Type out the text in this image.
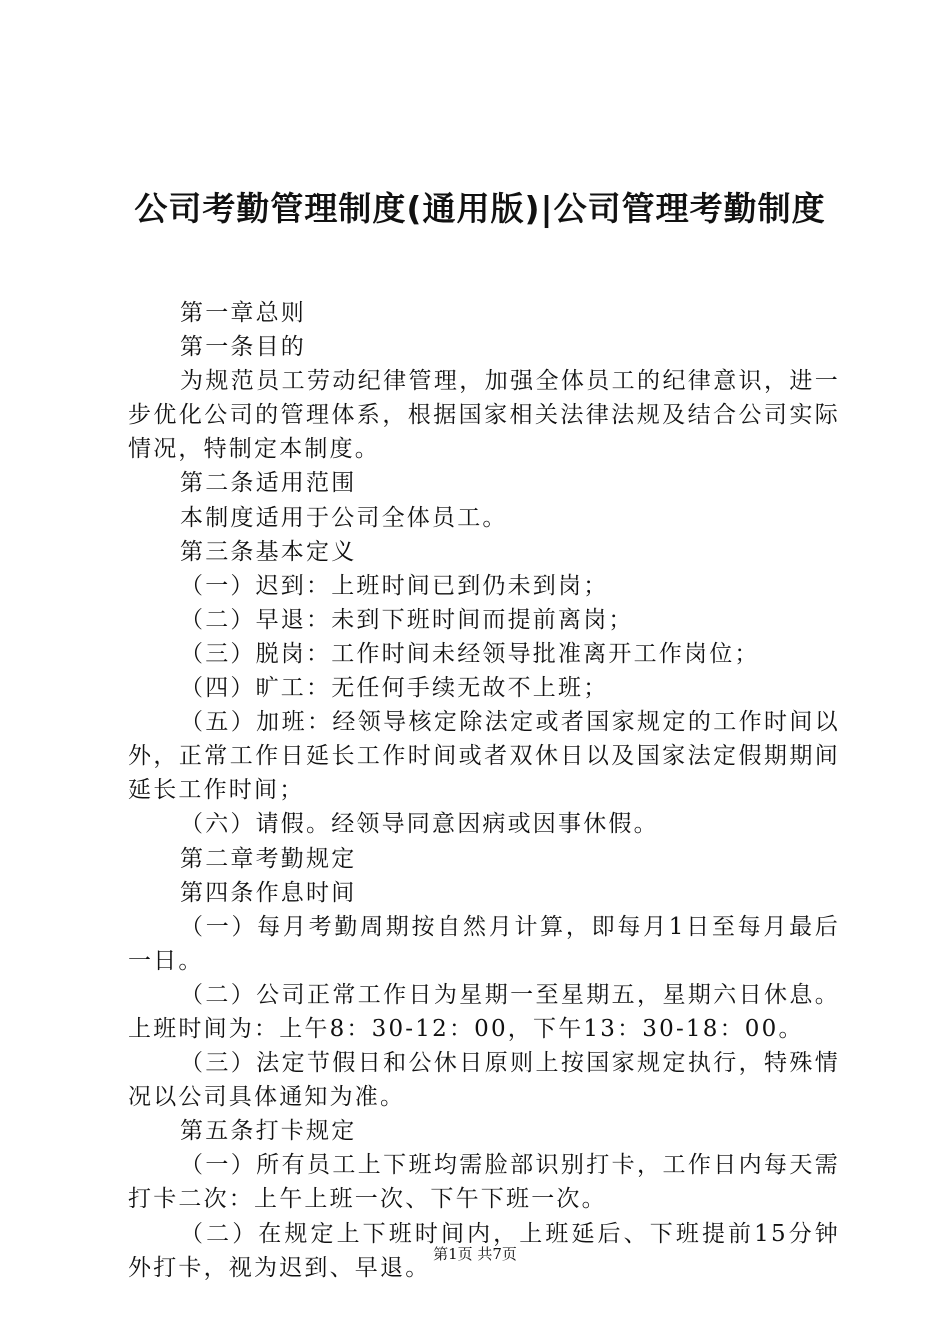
公司考勤管理制度(通用版)|公司管理考勤制度

第一章总则

第一条目的

为规范员工劳动纪律管理，加强全体员工的纪律意识，进一步优化公司的管理体系，根据国家相关法律法规及结合公司实际情况，特制定本制度。

第二条适用范围

本制度适用于公司全体员工。

第三条基本定义

（一）迟到：上班时间已到仍未到岗；

（二）早退：未到下班时间而提前离岗；

（三）脱岗：工作时间未经领导批准离开工作岗位；

（四）旷工：无任何手续无故不上班；

（五）加班：经领导核定除法定或者国家规定的工作时间以外，正常工作日延长工作时间或者双休日以及国家法定假期期间延长工作时间；

（六）请假。经领导同意因病或因事休假。

第二章考勤规定

第四条作息时间

（一）每月考勤周期按自然月计算，即每月1日至每月最后一日。

（二）公司正常工作日为星期一至星期五，星期六日休息。上班时间为：上午8：30-12：00，下午13：30-18：00。

（三）法定节假日和公休日原则上按国家规定执行，特殊情况以公司具体通知为准。

第五条打卡规定

（一）所有员工上下班均需脸部识别打卡，工作日内每天需打卡二次：上午上班一次、下午下班一次。

（二）在规定上下班时间内，上班延后、下班提前15分钟外打卡，视为迟到、早退。

第1页 共7页
